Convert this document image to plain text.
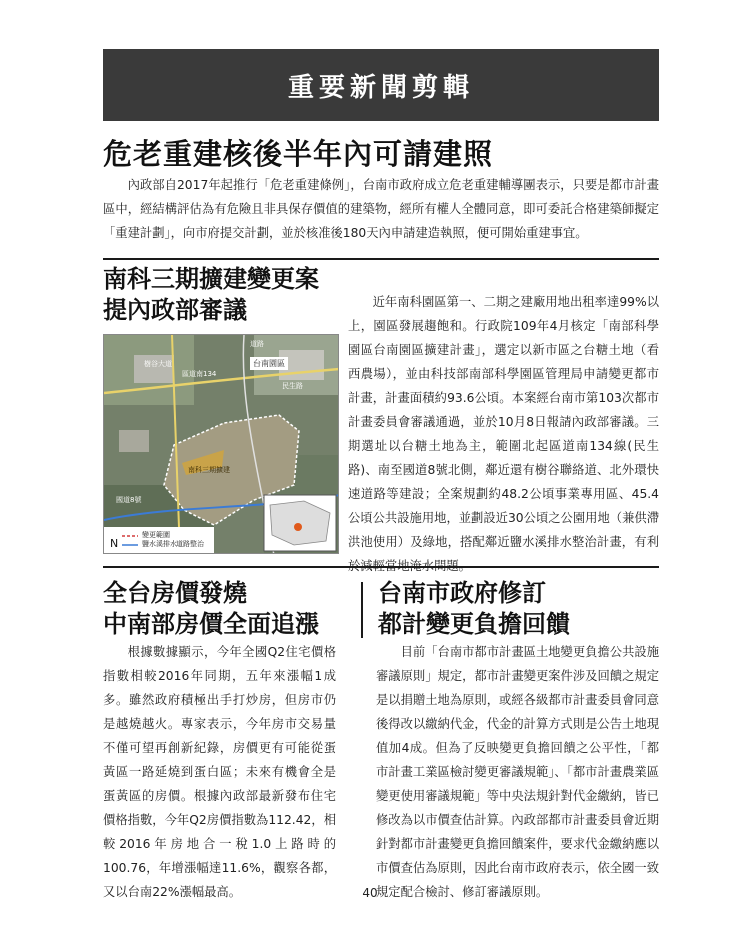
重要新聞剪輯
危老重建核後半年內可請建照

內政部自2017年起推行「危老重建條例」，台南市政府成立危老重建輔導團表示，只要是都市計畫區中，經結構評估為有危險且非具保存價值的建築物，經所有權人全體同意，即可委託合格建築師擬定「重建計劃」，向市府提交計劃，並於核准後180天內申請建造執照，便可開始重建事宜。

南科三期擴建變更案
提內政部審議
N
台南園區
區道南134
樹谷大道
民生路
國道8號
道路
南科三期擴建
變更範圍
鹽水溪排水 道路整治

近年南科園區第一、二期之建廠用地出租率達99%以上，園區發展趨飽和。行政院109年4月核定「南部科學園區台南園區擴建計畫」，選定以新市區之台糖土地（看西農場），並由科技部南部科學園區管理局申請變更都市計畫，計畫面積約93.6公頃。本案經台南市第103次都市計畫委員會審議通過，並於10月8日報請內政部審議。三期選址以台糖土地為主，範圍北起區道南134線(民生路)、南至國道8號北側，鄰近還有樹谷聯絡道、北外環快速道路等建設；全案規劃約48.2公頃事業專用區、45.4公頃公共設施用地，並劃設近30公頃之公園用地（兼供滯洪池使用）及綠地，搭配鄰近鹽水溪排水整治計畫，有利

全台房價發燒
中南部房價全面追漲
台南市政府修訂
都計變更負擔回饋

根據數據顯示，今年全國Q2住宅價格指數相較2016年同期，五年來漲幅1成多。雖然政府積極出手打炒房，但房市仍是越燒越火。專家表示，今年房市交易量不僅可望再創新紀錄，房價更有可能從蛋黃區一路延燒到蛋白區；未來有機會全是蛋黃區的房價。根據內政部最新發布住宅價格指數，今年Q2房價指數為112.42，相較2016年房地合一稅1.0上路時的100.76，年增漲幅達11.6%，觀察各都，又以台南22%漲幅最高。

目前「台南市都市計畫區土地變更負擔公共設施審議原則」規定，都市計畫變更案件涉及回饋之規定是以捐贈土地為原則，或經各級都市計畫委員會同意後得改以繳納代金，代金的計算方式則是公告土地現值加4成。但為了反映變更負擔回饋之公平性，「都市計畫工業區檢討變更審議規範」、「都市計畫農業區變更使用審議規範」等中央法規針對代金繳納，皆已修改為以市價查估計算。內政部都市計畫委員會近期針對都市計畫變更負擔回饋案件，要求代金繳納應以市價查估為原則，因此台南市政府表示，依全國一致規定配合檢討、修訂審議原則。

40
